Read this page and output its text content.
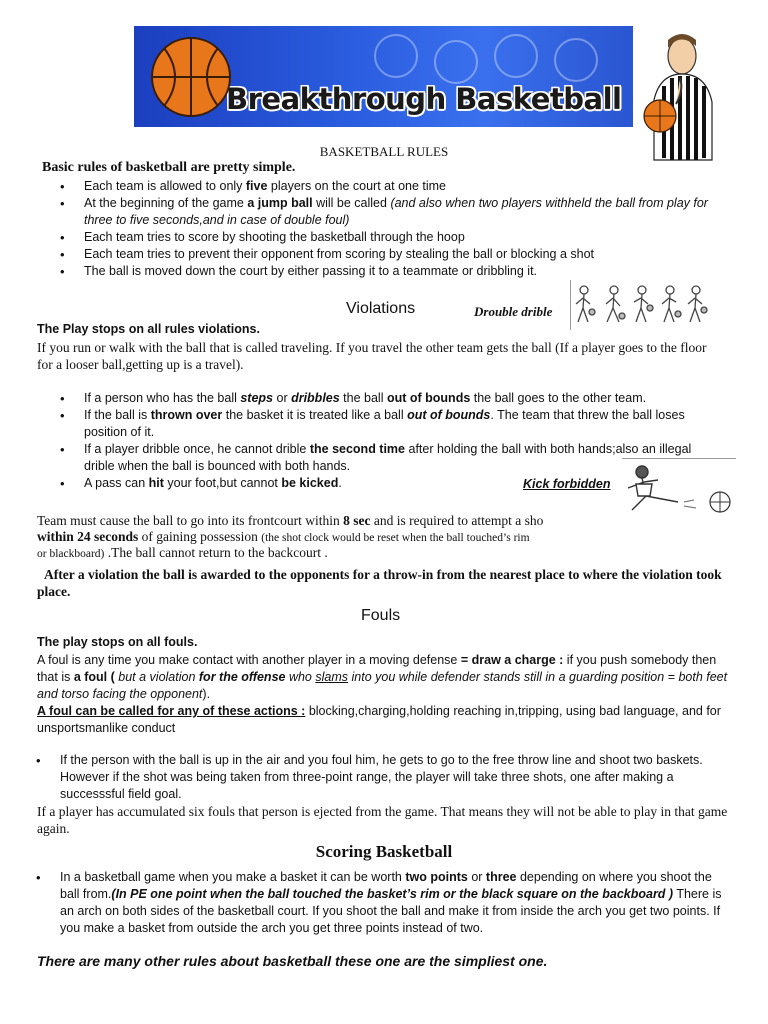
Breakthrough Basketball
BASKETBALL RULES
Basic rules of basketball are pretty simple.
• Each team is allowed to only five players on the court at one time
• At the beginning of the game a jump ball will be called (and also when two players withheld the ball from play for three to five seconds,and in case of double foul)
• Each team tries to score by shooting the basketball through the hoop
• Each team tries to prevent their opponent from scoring by stealing the ball or blocking a shot
• The ball is moved down the court by either passing it to a teammate or dribbling it.
Violations	Drouble drible
The Play stops on all rules violations.
If you run or walk with the ball that is called traveling. If you travel the other team gets the ball (If a player goes to the floor for a looser ball,getting up is a travel).
• If a person who has the ball steps or dribbles the ball out of bounds the ball goes to the other team.
• If the ball is thrown over the basket it is treated like a ball out of bounds. The team that threw the ball loses position of it.
• If a player dribble once, he cannot drible the second time after holding the ball with both hands;also an illegal drible when the ball is bounced with both hands.
• A pass can hit your foot,but cannot be kicked.	Kick forbidden
Team must cause the ball to go into its frontcourt within 8 sec and is required to attempt a sho
within 24 seconds of gaining possession (the shot clock would be reset when the ball touched’s rim
or blackboard) .The ball cannot return to the backcourt .
After a violation the ball is awarded to the opponents for a throw-in from the nearest place to where the violation took place.
Fouls
The play stops on all fouls.
A foul is any time you make contact with another player in a moving defense = draw a charge : if you push somebody then that is a foul ( but a violation for the offense who slams into you while defender stands still in a guarding position = both feet and torso facing the opponent).
A foul can be called for any of these actions : blocking,charging,holding reaching in,tripping, using bad language, and for unsportsmanlike conduct
• If the person with the ball is up in the air and you foul him, he gets to go to the free throw line and shoot two baskets. However if the shot was being taken from three-point range, the player will take three shots, one after making a successsful field goal.
If a player has accumulated six fouls that person is ejected from the game. That means they will not be able to play in that game again.
Scoring Basketball
• In a basketball game when you make a basket it can be worth two points or three depending on where you shoot the ball from.(In PE one point when the ball touched the basket’s rim or the black square on the backboard ) There is an arch on both sides of the basketball court. If you shoot the ball and make it from inside the arch you get two points. If you make a basket from outside the arch you get three points instead of two.
There are many other rules about basketball these one are the simpliest one.
